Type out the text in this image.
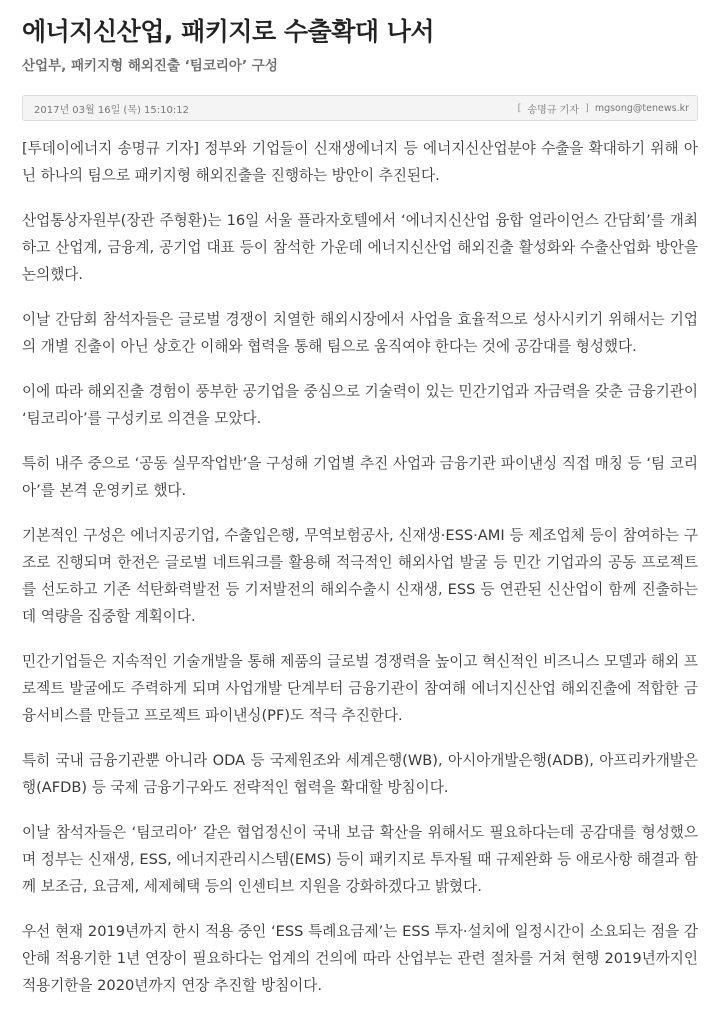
에너지신산업, 패키지로 수출확대 나서
산업부, 패키지형 해외진출 ‘팀코리아’ 구성
2017년 03월 16일 (목) 15:10:12	[ 송명규 기자 ] mgsong@tenews.kr

[투데이에너지 송명규 기자] 정부와 기업들이 신재생에너지 등 에너지신산업분야 수출을 확대하기 위해 아닌 하나의 팀으로 패키지형 해외진출을 진행하는 방안이 추진된다.

산업통상자원부(장관 주형환)는 16일 서울 플라자호텔에서 ‘에너지신산업 융합 얼라이언스 간담회’를 개최하고 산업계, 금융계, 공기업 대표 등이 참석한 가운데 에너지신산업 해외진출 활성화와 수출산업화 방안을 논의했다.

이날 간담회 참석자들은 글로벌 경쟁이 치열한 해외시장에서 사업을 효율적으로 성사시키기 위해서는 기업의 개별 진출이 아닌 상호간 이해와 협력을 통해 팀으로 움직여야 한다는 것에 공감대를 형성했다.

이에 따라 해외진출 경험이 풍부한 공기업을 중심으로 기술력이 있는 민간기업과 자금력을 갖춘 금융기관이 ‘팀코리아’를 구성키로 의견을 모았다.

특히 내주 중으로 ‘공동 실무작업반’을 구성해 기업별 추진 사업과 금융기관 파이낸싱 직접 매칭 등 ‘팀 코리아’를 본격 운영키로 했다.

기본적인 구성은 에너지공기업, 수출입은행, 무역보험공사, 신재생·ESS·AMI 등 제조업체 등이 참여하는 구조로 진행되며 한전은 글로벌 네트워크를 활용해 적극적인 해외사업 발굴 등 민간 기업과의 공동 프로젝트를 선도하고 기존 석탄화력발전 등 기저발전의 해외수출시 신재생, ESS 등 연관된 신산업이 함께 진출하는데 역량을 집중할 계획이다.

민간기업들은 지속적인 기술개발을 통해 제품의 글로벌 경쟁력을 높이고 혁신적인 비즈니스 모델과 해외 프로젝트 발굴에도 주력하게 되며 사업개발 단계부터 금융기관이 참여해 에너지신산업 해외진출에 적합한 금융서비스를 만들고 프로젝트 파이낸싱(PF)도 적극 추진한다.

특히 국내 금융기관뿐 아니라 ODA 등 국제원조와 세계은행(WB), 아시아개발은행(ADB), 아프리카개발은행(AFDB) 등 국제 금융기구와도 전략적인 협력을 확대할 방침이다.

이날 참석자들은 ‘팀코리아’ 같은 협업정신이 국내 보급 확산을 위해서도 필요하다는데 공감대를 형성했으며 정부는 신재생, ESS, 에너지관리시스템(EMS) 등이 패키지로 투자될 때 규제완화 등 애로사항 해결과 함께 보조금, 요금제, 세제혜택 등의 인센티브 지원을 강화하겠다고 밝혔다.

우선 현재 2019년까지 한시 적용 중인 ‘ESS 특례요금제’는 ESS 투자·설치에 일정시간이 소요되는 점을 감안해 적용기한 1년 연장이 필요하다는 업계의 건의에 따라 산업부는 관련 절차를 거쳐 현행 2019년까지인 적용기한을 2020년까지 연장 추진할 방침이다.
